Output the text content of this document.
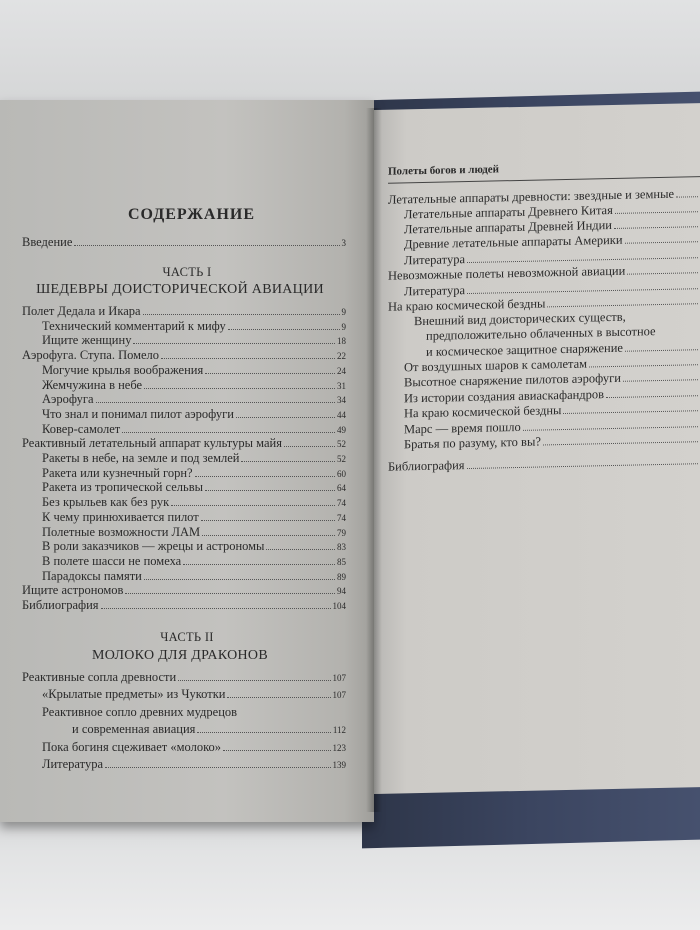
СОДЕРЖАНИЕ
Введение	3
ЧАСТЬ I
ШЕДЕВРЫ ДОИСТОРИЧЕСКОЙ АВИАЦИИ
Полет Дедала и Икара	9
Технический комментарий к мифу	9
Ищите женщину	18
Аэрофуга. Ступа. Помело	22
Могучие крылья воображения	24
Жемчужина в небе	31
Аэрофуга	34
Что знал и понимал пилот аэрофуги	44
Ковер-самолет	49
Реактивный летательный аппарат культуры майя	52
Ракеты в небе, на земле и под землей	52
Ракета или кузнечный горн?	60
Ракета из тропической сельвы	64
Без крыльев как без рук	74
К чему принюхивается пилот	74
Полетные возможности ЛАМ	79
В роли заказчиков — жрецы и астрономы	83
В полете шасси не помеха	85
Парадоксы памяти	89
Ищите астрономов	94
Библиография	104
ЧАСТЬ II
МОЛОКО ДЛЯ ДРАКОНОВ
Реактивные сопла древности	107
«Крылатые предметы» из Чукотки	107
Реактивное сопло древних мудрецов
и современная авиация	112
Пока богиня сцеживает «молоко»	123
Литература	139
Полеты богов и людей
Летательные аппараты древности: звездные и земные
Летательные аппараты Древнего Китая
Летательные аппараты Древней Индии
Древние летательные аппараты Америки
Литература
Невозможные полеты невозможной авиации
Литература
На краю космической бездны
Внешний вид доисторических существ,
предположительно облаченных в высотное
и космическое защитное снаряжение
От воздушных шаров к самолетам
Высотное снаряжение пилотов аэрофуги
Из истории создания авиаскафандров
На краю космической бездны
Марс — время пошло
Братья по разуму, кто вы?
Библиография
